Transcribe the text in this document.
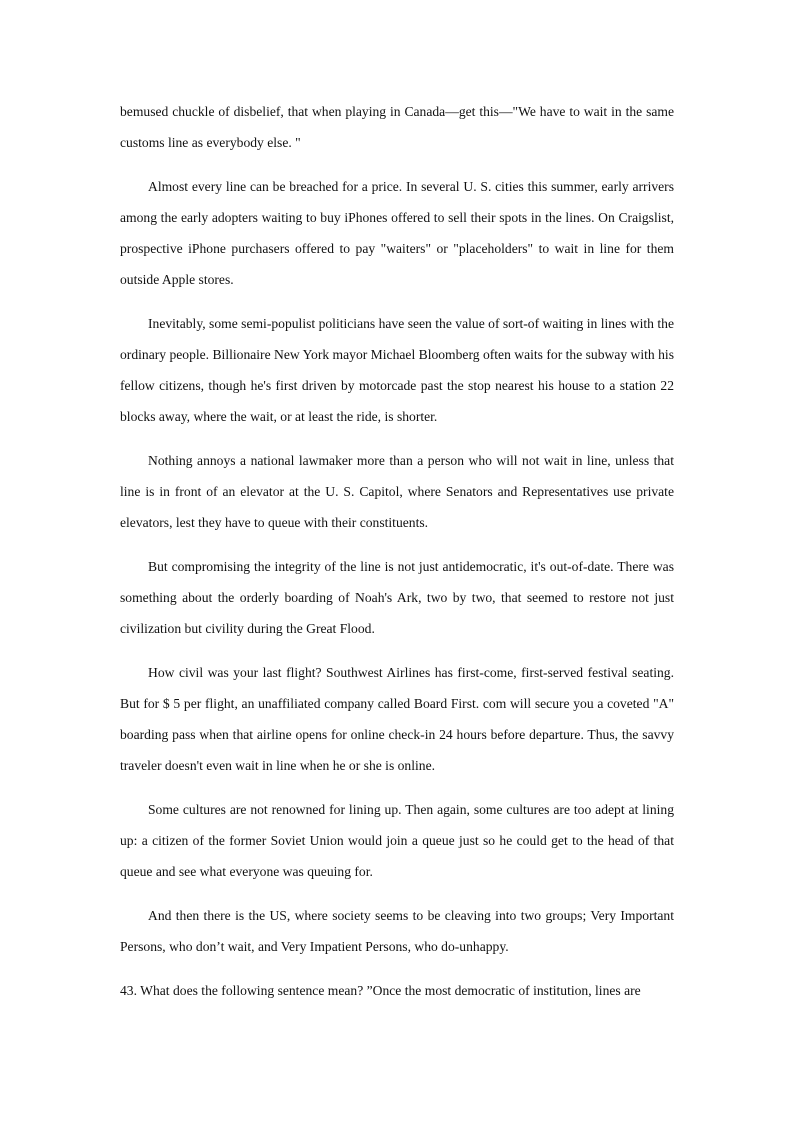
bemused chuckle of disbelief, that when playing in Canada—get this—"We have to wait in the same customs line as everybody else. "

Almost every line can be breached for a price. In several U. S. cities this summer, early arrivers among the early adopters waiting to buy iPhones offered to sell their spots in the lines. On Craigslist, prospective iPhone purchasers offered to pay "waiters" or "placeholders" to wait in line for them outside Apple stores.

Inevitably, some semi-populist politicians have seen the value of sort-of waiting in lines with the ordinary people. Billionaire New York mayor Michael Bloomberg often waits for the subway with his fellow citizens, though he's first driven by motorcade past the stop nearest his house to a station 22 blocks away, where the wait, or at least the ride, is shorter.

Nothing annoys a national lawmaker more than a person who will not wait in line, unless that line is in front of an elevator at the U. S. Capitol, where Senators and Representatives use private elevators, lest they have to queue with their constituents.

But compromising the integrity of the line is not just antidemocratic, it's out-of-date. There was something about the orderly boarding of Noah's Ark, two by two, that seemed to restore not just civilization but civility during the Great Flood.

How civil was your last flight? Southwest Airlines has first-come, first-served festival seating. But for $ 5 per flight, an unaffiliated company called Board First. com will secure you a coveted "A" boarding pass when that airline opens for online check-in 24 hours before departure. Thus, the savvy traveler doesn't even wait in line when he or she is online.

Some cultures are not renowned for lining up. Then again, some cultures are too adept at lining up: a citizen of the former Soviet Union would join a queue just so he could get to the head of that queue and see what everyone was queuing for.

And then there is the US, where society seems to be cleaving into two groups; Very Important Persons, who don’t wait, and Very Impatient Persons, who do-unhappy.

43. What does the following sentence mean? ”Once the most democratic of institution, lines are
